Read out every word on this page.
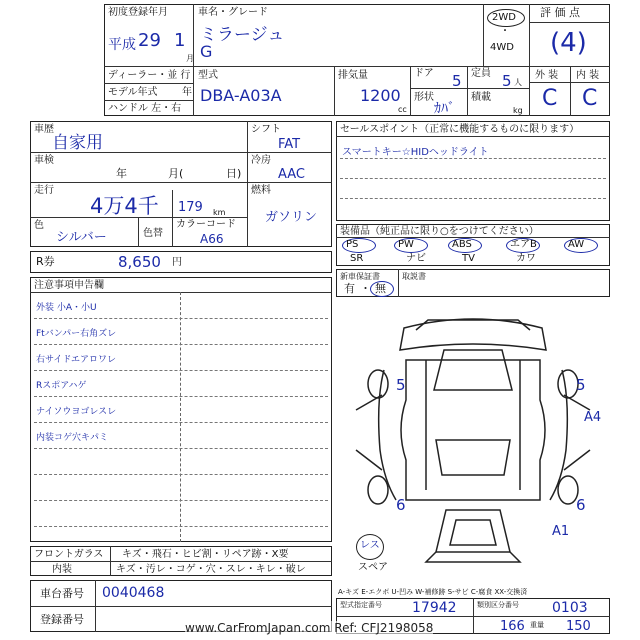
初度登録年月
平成 29 1
月
車名・グレード
ミラージュ
G
2WD
・
4WD
評 価 点
(4)
ディーラー・並 行
モデル年式 年
ハンドル 左・右
型式
DBA-A03A
排気量
1200
cc
ドア 5 定員 5 人
形状
ｶﾊﾞ
積載
kg
外 装 内 装
C C
車歴
自家用
車検
年	月(	日)
走行
4万4千 179 km
色
シルバー	色替
カラーコード
A66
シフト
FAT
冷房
AAC
燃料
ガソリン
R券	8,650 円
注意事項申告欄
外装 小A・小U
Ftバンパー右角ズレ
右サイドエアロワレ
Rスポアハゲ
ナイソウヨゴレスレ
内装コゲ穴キパミ
フロントガラス キズ・飛石・ヒビ割・リペア跡・X要
内装	キズ・汚レ・コゲ・穴・スレ・キレ・破レ
車台番号 0040468
登録番号
セールスポイント（正常に機能するものに限ります）
スマートキー☆HIDヘッドライト
装備品（純正品に限り○をつけてください）
PS	PW	ABS	エアB	AW
SR	ナビ	TV	カワ
新車保証書
有 ・ 無
取説書
5	5
A4
6	6
A1
レス
スペア
A-キズ E-エクボ U-凹み W-補修跡 S-サビ C-腐食 XX-交換済
型式指定番号 17942	類別区分番号 0103
重量
166	150
www.CarFromJapan.com Ref: CFJ2198058
